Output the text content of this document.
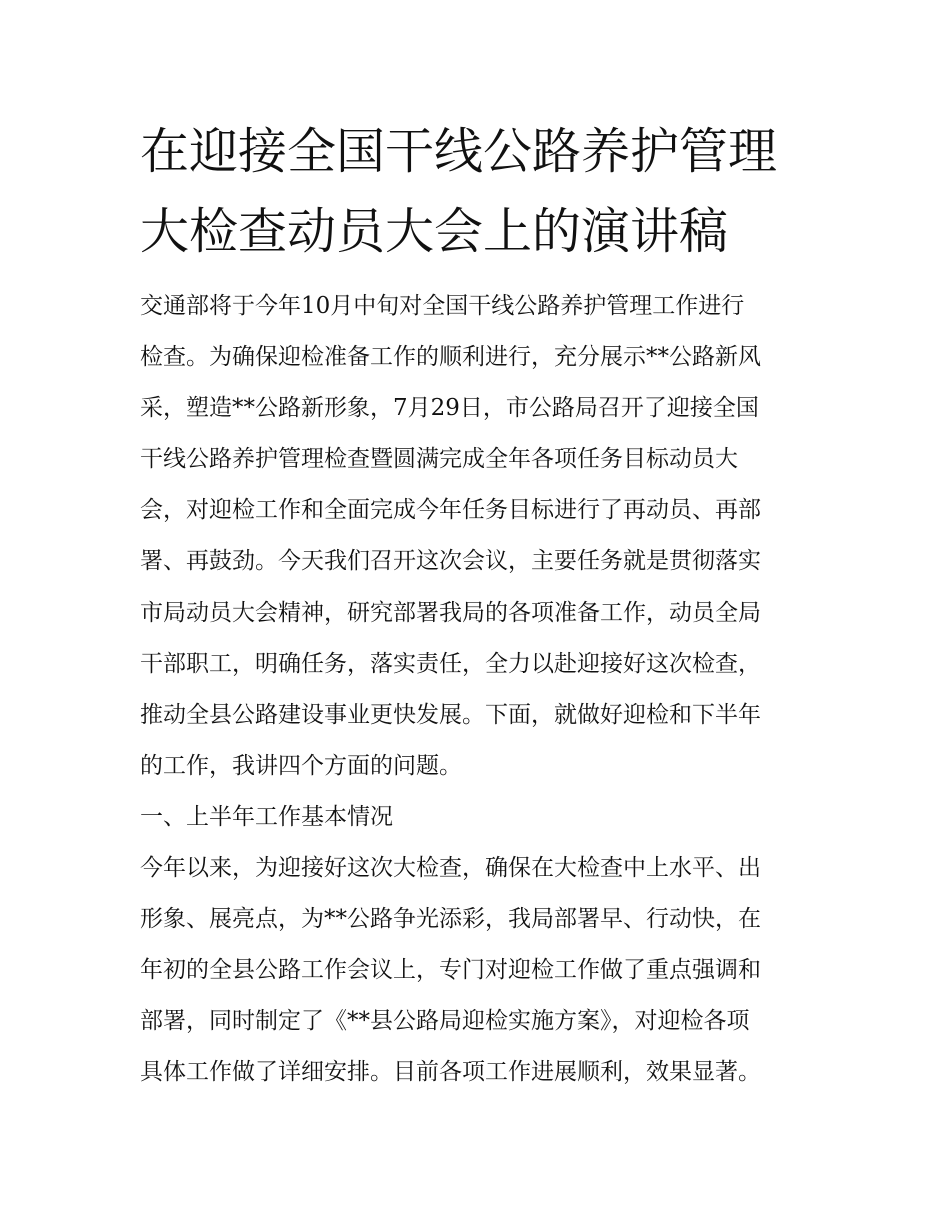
在迎接全国干线公路养护管理
大检查动员大会上的演讲稿
交通部将于今年10月中旬对全国干线公路养护管理工作进行
检查。为确保迎检准备工作的顺利进行，充分展示**公路新风
采，塑造**公路新形象，7月29日，市公路局召开了迎接全国
干线公路养护管理检查暨圆满完成全年各项任务目标动员大
会，对迎检工作和全面完成今年任务目标进行了再动员、再部
署、再鼓劲。今天我们召开这次会议，主要任务就是贯彻落实
市局动员大会精神，研究部署我局的各项准备工作，动员全局
干部职工，明确任务，落实责任，全力以赴迎接好这次检查，
推动全县公路建设事业更快发展。下面，就做好迎检和下半年
的工作，我讲四个方面的问题。
一、上半年工作基本情况
今年以来，为迎接好这次大检查，确保在大检查中上水平、出
形象、展亮点，为**公路争光添彩，我局部署早、行动快，在
年初的全县公路工作会议上，专门对迎检工作做了重点强调和
部署，同时制定了《**县公路局迎检实施方案》，对迎检各项
具体工作做了详细安排。目前各项工作进展顺利，效果显著。
